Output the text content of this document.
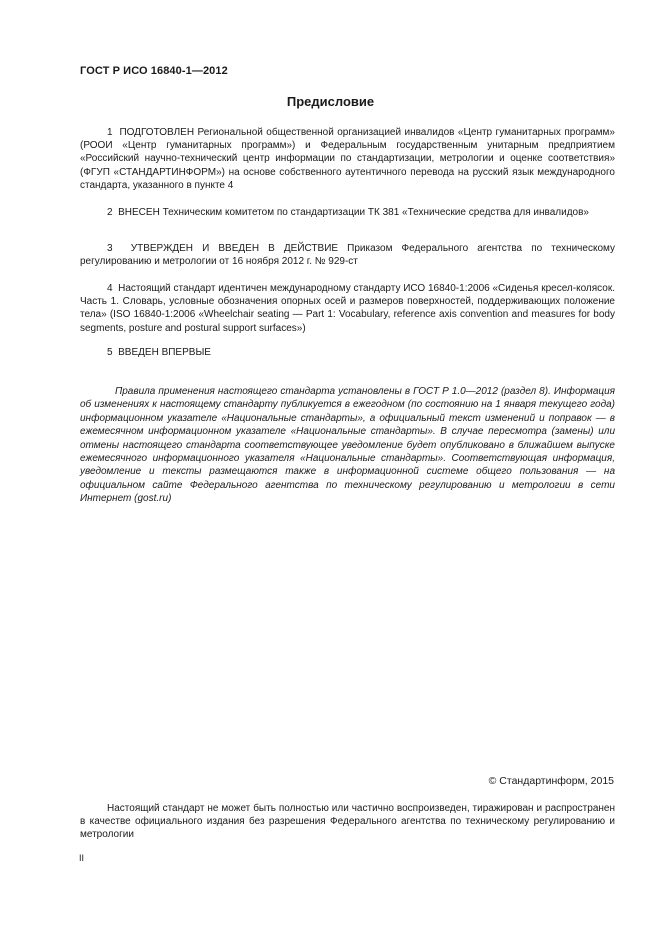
ГОСТ Р ИСО 16840-1—2012
Предисловие

1 ПОДГОТОВЛЕН Региональной общественной организацией инвалидов «Центр гуманитарных программ» (РООИ «Центр гуманитарных программ») и Федеральным государственным унитарным предприятием «Российский научно-технический центр информации по стандартизации, метрологии и оценке соответствия» (ФГУП «СТАНДАРТИНФОРМ») на основе собственного аутентичного перевода на русский язык международного стандарта, указанного в пункте 4

2 ВНЕСЕН Техническим комитетом по стандартизации ТК 381 «Технические средства для инвалидов»

3 УТВЕРЖДЕН И ВВЕДЕН В ДЕЙСТВИЕ Приказом Федерального агентства по техническому регулированию и метрологии от 16 ноября 2012 г. № 929-ст

4 Настоящий стандарт идентичен международному стандарту ИСО 16840-1:2006 «Сиденья кресел-колясок. Часть 1. Словарь, условные обозначения опорных осей и размеров поверхностей, поддерживающих положение тела» (ISO 16840-1:2006 «Wheelchair seating — Part 1: Vocabulary, reference axis convention and measures for body segments, posture and postural support surfaces»)

5 ВВЕДЕН ВПЕРВЫЕ

Правила применения настоящего стандарта установлены в ГОСТ Р 1.0—2012 (раздел 8). Информация об изменениях к настоящему стандарту публикуется в ежегодном (по состоянию на 1 января текущего года) информационном указателе «Национальные стандарты», а официальный текст изменений и поправок — в ежемесячном информационном указателе «Национальные стандарты». В случае пересмотра (замены) или отмены настоящего стандарта соответствующее уведомление будет опубликовано в ближайшем выпуске ежемесячного информационного указателя «Национальные стандарты». Соответствующая информация, уведомление и тексты размещаются также в информационной системе общего пользования — на официальном сайте Федерального агентства по техническому регулированию и метрологии в сети Интернет (gost.ru)

© Стандартинформ, 2015

Настоящий стандарт не может быть полностью или частично воспроизведен, тиражирован и распространен в качестве официального издания без разрешения Федерального агентства по техническому регулированию и метрологии

II
